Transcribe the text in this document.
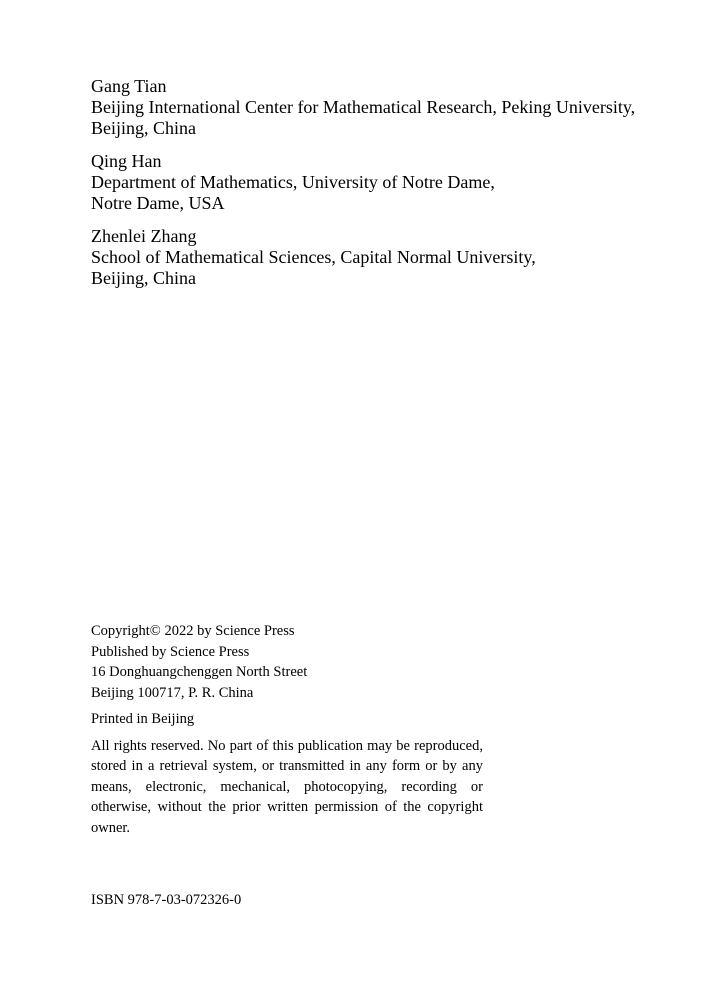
Gang Tian
Beijing International Center for Mathematical Research, Peking University,
Beijing, China
Qing Han
Department of Mathematics, University of Notre Dame,
Notre Dame, USA
Zhenlei Zhang
School of Mathematical Sciences, Capital Normal University,
Beijing, China

Copyright© 2022 by Science Press

Published by Science Press

16 Donghuangchenggen North Street

Beijing 100717, P. R. China

Printed in Beijing

All rights reserved. No part of this publication may be reproduced, stored in a retrieval system, or transmitted in any form or by any means, electronic, mechanical, photocopying, recording or otherwise, without the prior written permission of the copyright owner.

ISBN 978-7-03-072326-0
